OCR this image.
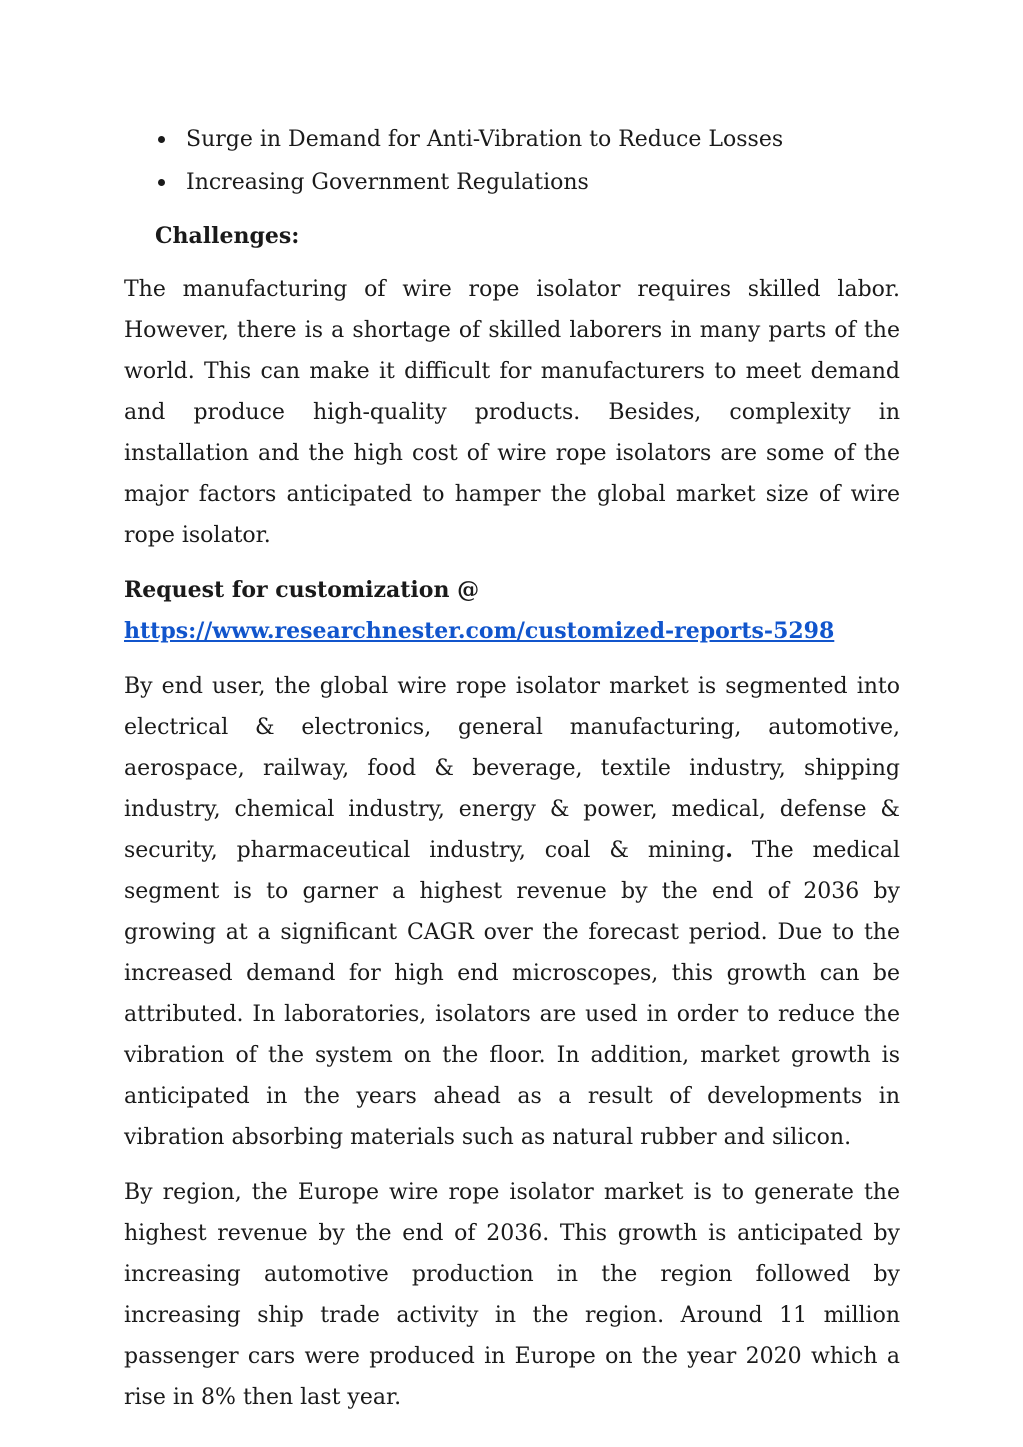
Surge in Demand for Anti-Vibration to Reduce Losses
Increasing Government Regulations
Challenges:

The manufacturing of wire rope isolator requires skilled labor. However, there is a shortage of skilled laborers in many parts of the world. This can make it difficult for manufacturers to meet demand and produce high-quality products. Besides, complexity in installation and the high cost of wire rope isolators are some of the major factors anticipated to hamper the global market size of wire rope isolator.

Request for customization @
https://www.researchnester.com/customized-reports-5298

By end user, the global wire rope isolator market is segmented into electrical & electronics, general manufacturing, automotive, aerospace, railway, food & beverage, textile industry, shipping industry, chemical industry, energy & power, medical, defense & security, pharmaceutical industry, coal & mining. The medical segment is to garner a highest revenue by the end of 2036 by growing at a significant CAGR over the forecast period. Due to the increased demand for high end microscopes, this growth can be attributed. In laboratories, isolators are used in order to reduce the vibration of the system on the floor. In addition, market growth is anticipated in the years ahead as a result of developments in vibration absorbing materials such as natural rubber and silicon.

By region, the Europe wire rope isolator market is to generate the highest revenue by the end of 2036. This growth is anticipated by increasing automotive production in the region followed by increasing ship trade activity in the region. Around 11 million passenger cars were produced in Europe on the year 2020 which a rise in 8% then last year.
